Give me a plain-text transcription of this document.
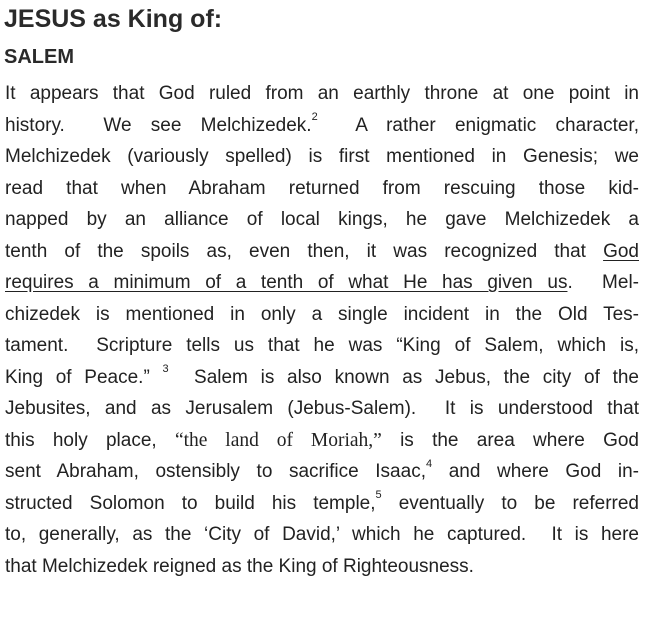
JESUS as King of:
SALEM
It appears that God ruled from an earthly throne at one point in
history.  We see Melchizedek.$^2$  A rather enigmatic character,
Melchizedek (variously spelled) is first mentioned in Genesis; we
read that when Abraham returned from rescuing those kid-
napped by an alliance of local kings, he gave Melchizedek a
tenth of the spoils as, even then, it was recognized that God
requires a minimum of a tenth of what He has given us.  Mel-
chizedek is mentioned in only a single incident in the Old Tes-
tament.  Scripture tells us that he was “King of Salem, which is,
King of Peace.” $^3$  Salem is also known as Jebus, the city of the
Jebusites, and as Jerusalem (Jebus-Salem).  It is understood that
this holy place, “the land of Moriah,” is the area where God
sent Abraham, ostensibly to sacrifice Isaac,$^4$ and where God in-
structed Solomon to build his temple,$^5$ eventually to be referred
to, generally, as the ‘City of David,’ which he captured.  It is here
that Melchizedek reigned as the King of Righteousness.
